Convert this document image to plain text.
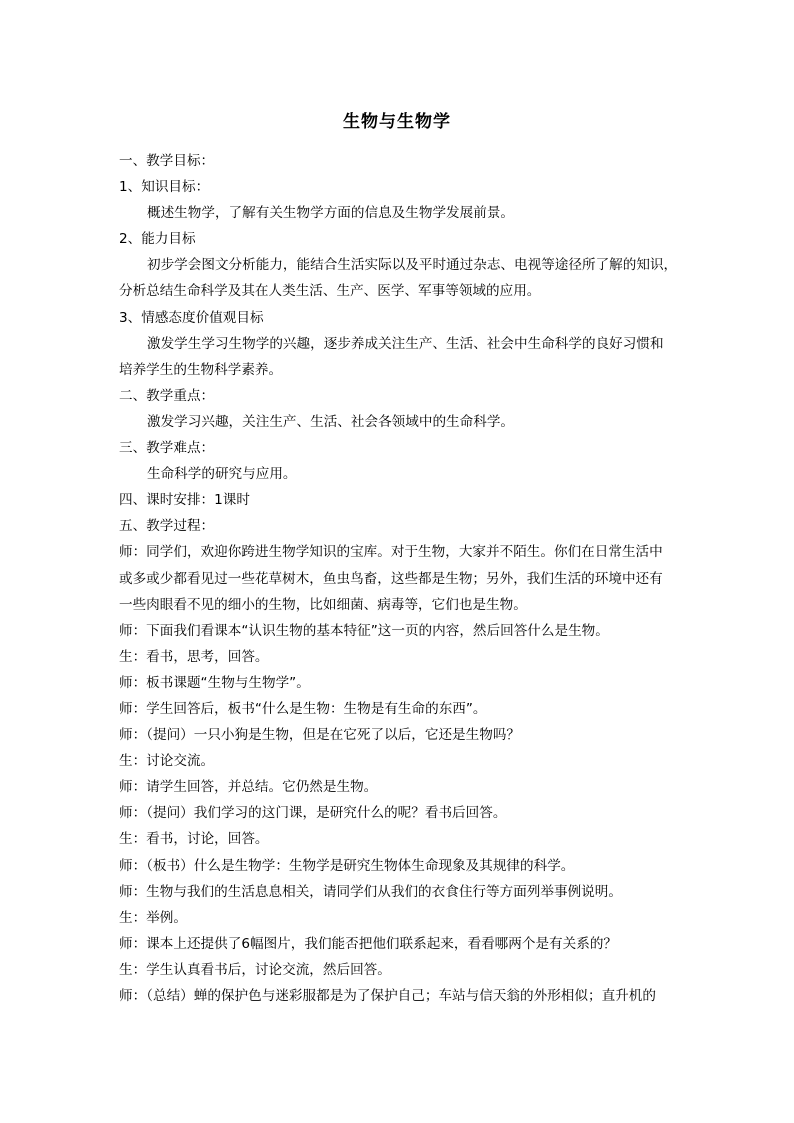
生物与生物学
一、教学目标：
1、知识目标：
概述生物学，了解有关生物学方面的信息及生物学发展前景。
2、能力目标
初步学会图文分析能力，能结合生活实际以及平时通过杂志、电视等途径所了解的知识，
分析总结生命科学及其在人类生活、生产、医学、军事等领域的应用。
3、情感态度价值观目标
激发学生学习生物学的兴趣，逐步养成关注生产、生活、社会中生命科学的良好习惯和
培养学生的生物科学素养。
二、教学重点：
激发学习兴趣，关注生产、生活、社会各领域中的生命科学。
三、教学难点：
生命科学的研究与应用。
四、课时安排：1课时
五、教学过程：
师：同学们，欢迎你跨进生物学知识的宝库。对于生物，大家并不陌生。你们在日常生活中
或多或少都看见过一些花草树木，鱼虫鸟畜，这些都是生物；另外，我们生活的环境中还有
一些肉眼看不见的细小的生物，比如细菌、病毒等，它们也是生物。
师：下面我们看课本“认识生物的基本特征”这一页的内容，然后回答什么是生物。
生：看书，思考，回答。
师：板书课题“生物与生物学”。
师：学生回答后，板书“什么是生物：生物是有生命的东西”。
师：（提问）一只小狗是生物，但是在它死了以后，它还是生物吗？
生：讨论交流。
师：请学生回答，并总结。它仍然是生物。
师：（提问）我们学习的这门课，是研究什么的呢？看书后回答。
生：看书，讨论，回答。
师：（板书）什么是生物学：生物学是研究生物体生命现象及其规律的科学。
师：生物与我们的生活息息相关，请同学们从我们的衣食住行等方面列举事例说明。
生：举例。
师：课本上还提供了6幅图片，我们能否把他们联系起来，看看哪两个是有关系的？
生：学生认真看书后，讨论交流，然后回答。
师：（总结）蝉的保护色与迷彩服都是为了保护自己；车站与信天翁的外形相似；直升机的
